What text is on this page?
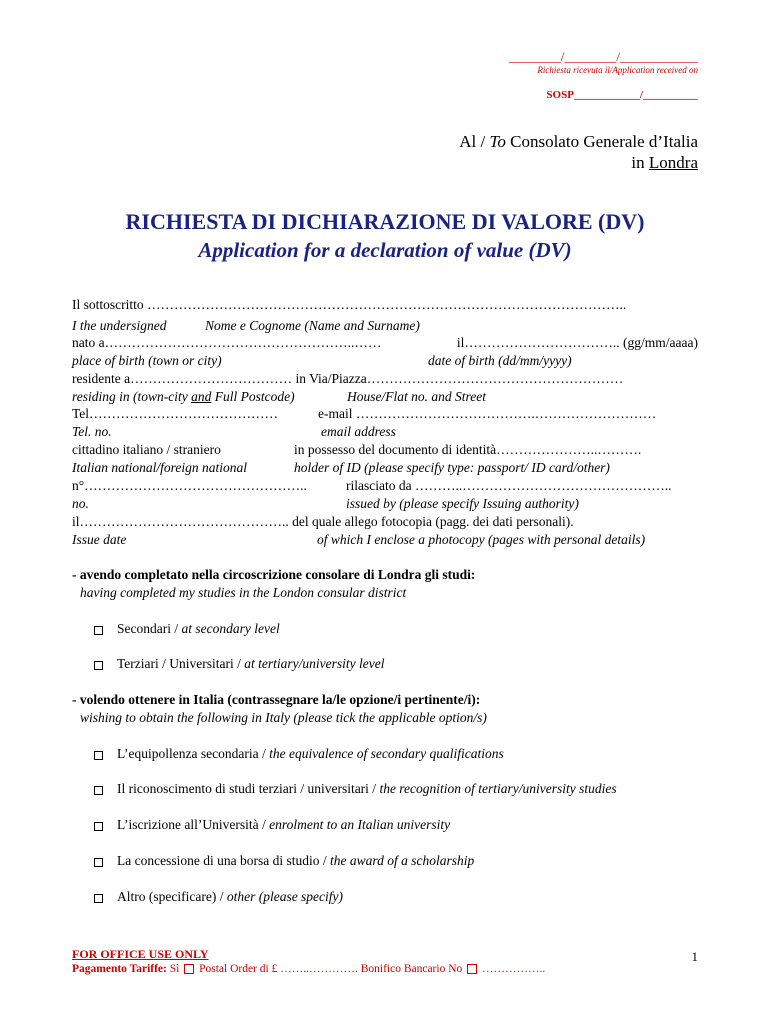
________/________/____________
Richiesta ricevuta il/Application received on
SOSP____________/__________
Al / To Consolato Generale d’Italia
in Londra
RICHIESTA DI DICHIARAZIONE DI VALORE (DV)
Application for a declaration of value (DV)
Il sottoscritto ……………………………………………………………………………………………..
I the undersigned	Nome e Cognome (Name and Surname)
nato a………………………………………………..……	il…………………………….. (gg/mm/aaaa)
place of birth (town or city)	date of birth (dd/mm/yyyy)
residente a……………………………… in Via/Piazza…………………………………………………
residing in (town-city and Full Postcode)	House/Flat no. and Street
Tel……………………………………	e-mail ………………………………….………………………
Tel. no.	email address
cittadino italiano / straniero	in possesso del documento di identità…………………..……….
Italian national/foreign national	holder of ID (please specify type: passport/ ID card/other)
n°…………………………………………..	rilasciato da ………..………………………………………..
no.	issued by (please specify Issuing authority)
il……………………………………….. del quale allego fotocopia (pagg. dei dati personali).
Issue date	of which I enclose a photocopy (pages with personal details)
- avendo completato nella circoscrizione consolare di Londra gli studi:
having completed my studies in the London consular district
Secondari / at secondary level
Terziari / Universitari / at tertiary/university level
- volendo ottenere in Italia (contrassegnare la/le opzione/i pertinente/i):
wishing to obtain the following in Italy (please tick the applicable option/s)
L’equipollenza secondaria / the equivalence of secondary qualifications
Il riconoscimento di studi terziari / universitari / the recognition of tertiary/university studies
L’iscrizione all’Università / enrolment to an Italian university
La concessione di una borsa di studio / the award of a scholarship
Altro (specificare) / other (please specify)
FOR OFFICE USE ONLY
Pagamento Tariffe: Sì  Postal Order di £ ……..…………. Bonifico Bancario No  ……………..
1
